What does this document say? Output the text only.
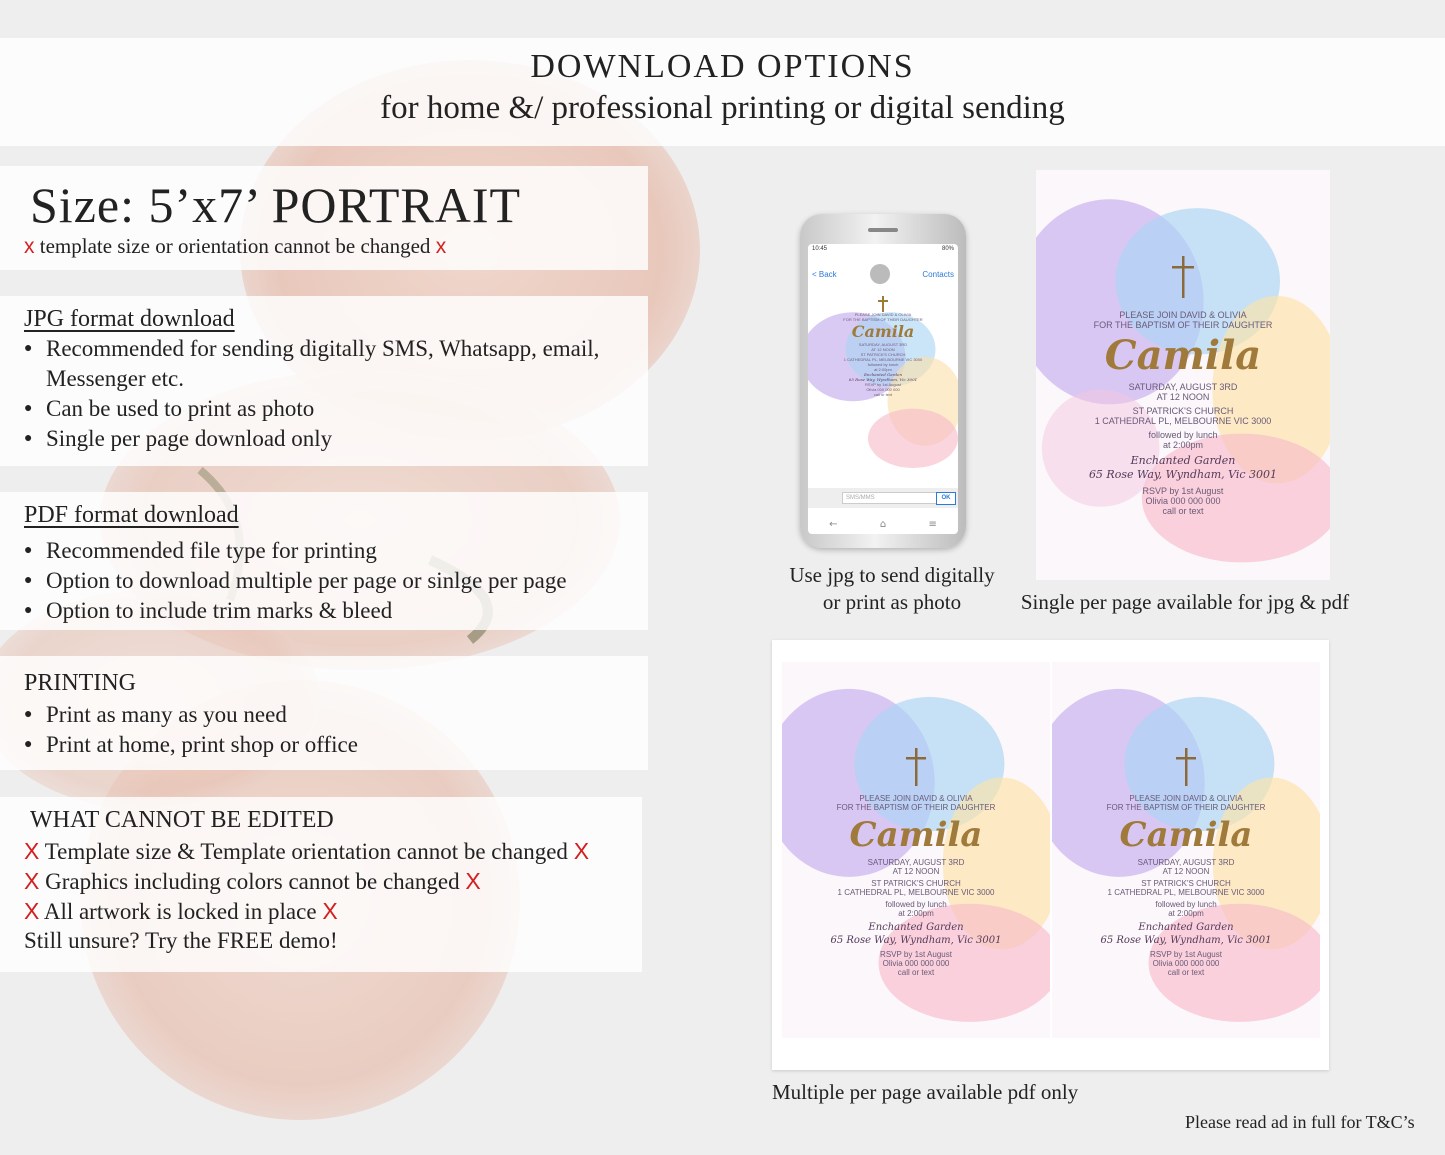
DOWNLOAD OPTIONS
for home &/ professional printing or digital sending
Size: 5’x7’ PORTRAIT
x template size or orientation cannot be changed x
JPG format download
● Recommended for sending digitally SMS, Whatsapp, email, Messenger etc.
● Can be used to print as photo
● Single per page download only
PDF format download
● Recommended file type for printing
● Option to download multiple per page or sinlge per page
● Option to include trim marks & bleed
PRINTING
● Print as many as you need
● Print at home, print shop or office
WHAT CANNOT BE EDITED
X Template size & Template orientation cannot be changed X
X Graphics including colors cannot be changed X
X All artwork is locked in place X
Still unsure? Try the FREE demo!
10:45	80%
< Back	Contacts
PLEASE JOIN DAVID & OLIVIA
FOR THE BAPTISM OF THEIR DAUGHTER
Camila
SATURDAY, AUGUST 3RD
AT 12 NOON
ST PATRICK'S CHURCH
1 CATHEDRAL PL, MELBOURNE VIC 3000
followed by lunch
at 2:00pm
Enchanted Garden
65 Rose Way, Wyndham, Vic 3001
RSVP by 1st August
Olivia 000 000 000
call or text
SMS/MMS	OK
←	⌂	≡
Use jpg to send digitally
or print as photo
PLEASE JOIN DAVID & OLIVIA
FOR THE BAPTISM OF THEIR DAUGHTER
Camila
SATURDAY, AUGUST 3RD
AT 12 NOON
ST PATRICK'S CHURCH
1 CATHEDRAL PL, MELBOURNE VIC 3000
followed by lunch
at 2:00pm
Enchanted Garden
65 Rose Way, Wyndham, Vic 3001
RSVP by 1st August
Olivia 000 000 000
call or text
Single per page available for jpg & pdf
PLEASE JOIN DAVID & OLIVIA
FOR THE BAPTISM OF THEIR DAUGHTER
Camila
SATURDAY, AUGUST 3RD
AT 12 NOON
ST PATRICK'S CHURCH
1 CATHEDRAL PL, MELBOURNE VIC 3000
followed by lunch
at 2:00pm
Enchanted Garden
65 Rose Way, Wyndham, Vic 3001
RSVP by 1st August
Olivia 000 000 000
call or text
PLEASE JOIN DAVID & OLIVIA
FOR THE BAPTISM OF THEIR DAUGHTER
Camila
SATURDAY, AUGUST 3RD
AT 12 NOON
ST PATRICK'S CHURCH
1 CATHEDRAL PL, MELBOURNE VIC 3000
followed by lunch
at 2:00pm
Enchanted Garden
65 Rose Way, Wyndham, Vic 3001
RSVP by 1st August
Olivia 000 000 000
call or text
Multiple per page available pdf only
Please read ad in full for T&C’s
